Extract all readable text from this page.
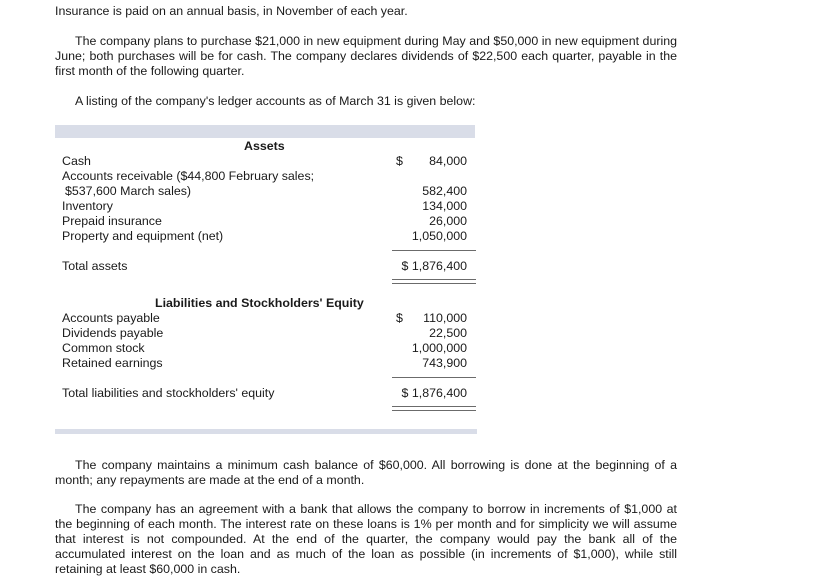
Insurance is paid on an annual basis, in November of each year.

The company plans to purchase $21,000 in new equipment during May and $50,000 in new equipment during June; both purchases will be for cash. The company declares dividends of $22,500 each quarter, payable in the first month of the following quarter.

A listing of the company's ledger accounts as of March 31 is given below:

Assets
Cash	$ 84,000
Accounts receivable ($44,800 February sales;
$537,600 March sales)	582,400
Inventory	134,000
Prepaid insurance	26,000
Property and equipment (net)	1,050,000
Total assets	$ 1,876,400
Liabilities and Stockholders' Equity
Accounts payable	$ 110,000
Dividends payable	22,500
Common stock	1,000,000
Retained earnings	743,900
Total liabilities and stockholders' equity	$ 1,876,400

The company maintains a minimum cash balance of $60,000. All borrowing is done at the beginning of a month; any repayments are made at the end of a month.

The company has an agreement with a bank that allows the company to borrow in increments of $1,000 at the beginning of each month. The interest rate on these loans is 1% per month and for simplicity we will assume that interest is not compounded. At the end of the quarter, the company would pay the bank all of the accumulated interest on the loan and as much of the loan as possible (in increments of $1,000), while still retaining at least $60,000 in cash.
